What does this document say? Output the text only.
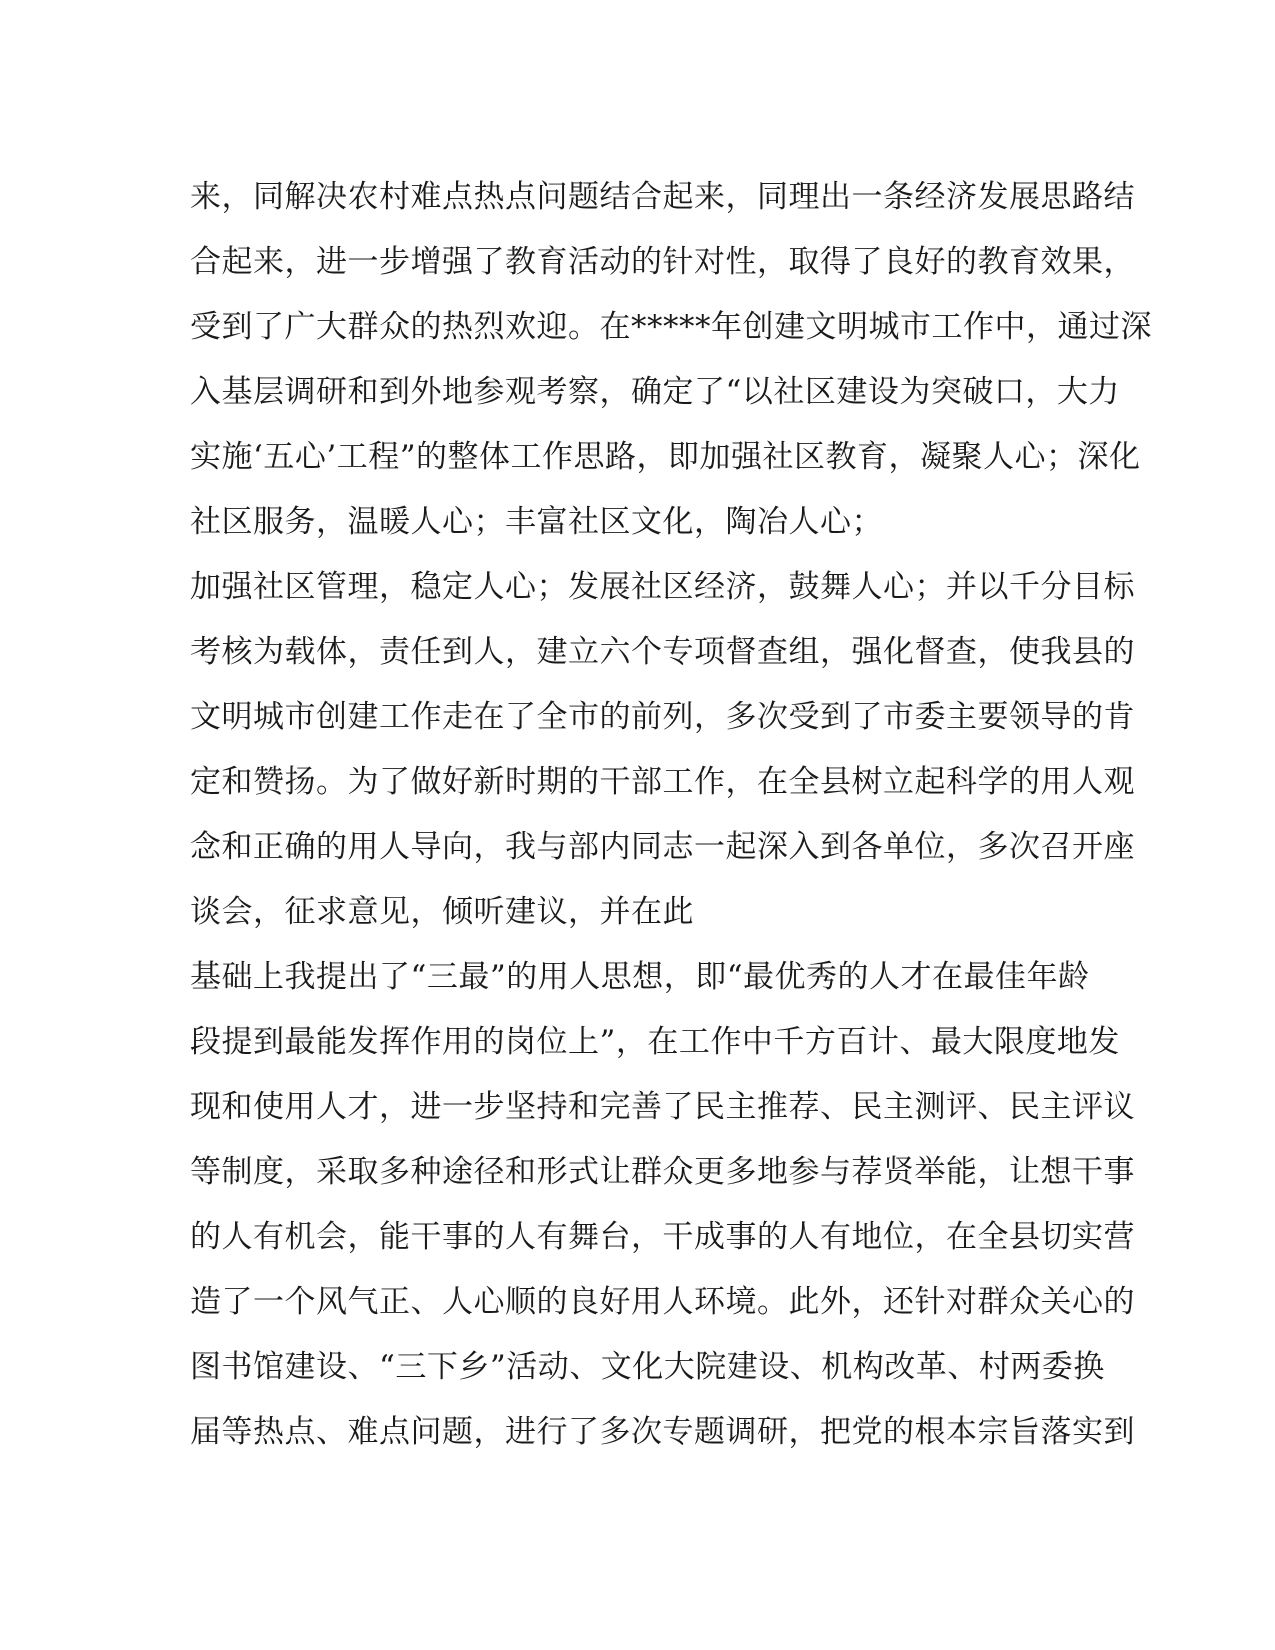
来，同解决农村难点热点问题结合起来，同理出一条经济发展思路结
合起来，进一步增强了教育活动的针对性，取得了良好的教育效果，
受到了广大群众的热烈欢迎。在*****年创建文明城市工作中，通过深
入基层调研和到外地参观考察，确定了“以社区建设为突破口，大力
实施‘五心’工程”的整体工作思路，即加强社区教育，凝聚人心；深化
社区服务，温暖人心；丰富社区文化，陶冶人心；
加强社区管理，稳定人心；发展社区经济，鼓舞人心；并以千分目标
考核为载体，责任到人，建立六个专项督查组，强化督查，使我县的
文明城市创建工作走在了全市的前列，多次受到了市委主要领导的肯
定和赞扬。为了做好新时期的干部工作，在全县树立起科学的用人观
念和正确的用人导向，我与部内同志一起深入到各单位，多次召开座
谈会，征求意见，倾听建议，并在此
基础上我提出了“三最”的用人思想，即“最优秀的人才在最佳年龄
段提到最能发挥作用的岗位上”，在工作中千方百计、最大限度地发
现和使用人才，进一步坚持和完善了民主推荐、民主测评、民主评议
等制度，采取多种途径和形式让群众更多地参与荐贤举能，让想干事
的人有机会，能干事的人有舞台，干成事的人有地位，在全县切实营
造了一个风气正、人心顺的良好用人环境。此外，还针对群众关心的
图书馆建设、“三下乡”活动、文化大院建设、机构改革、村两委换
届等热点、难点问题，进行了多次专题调研，把党的根本宗旨落实到
